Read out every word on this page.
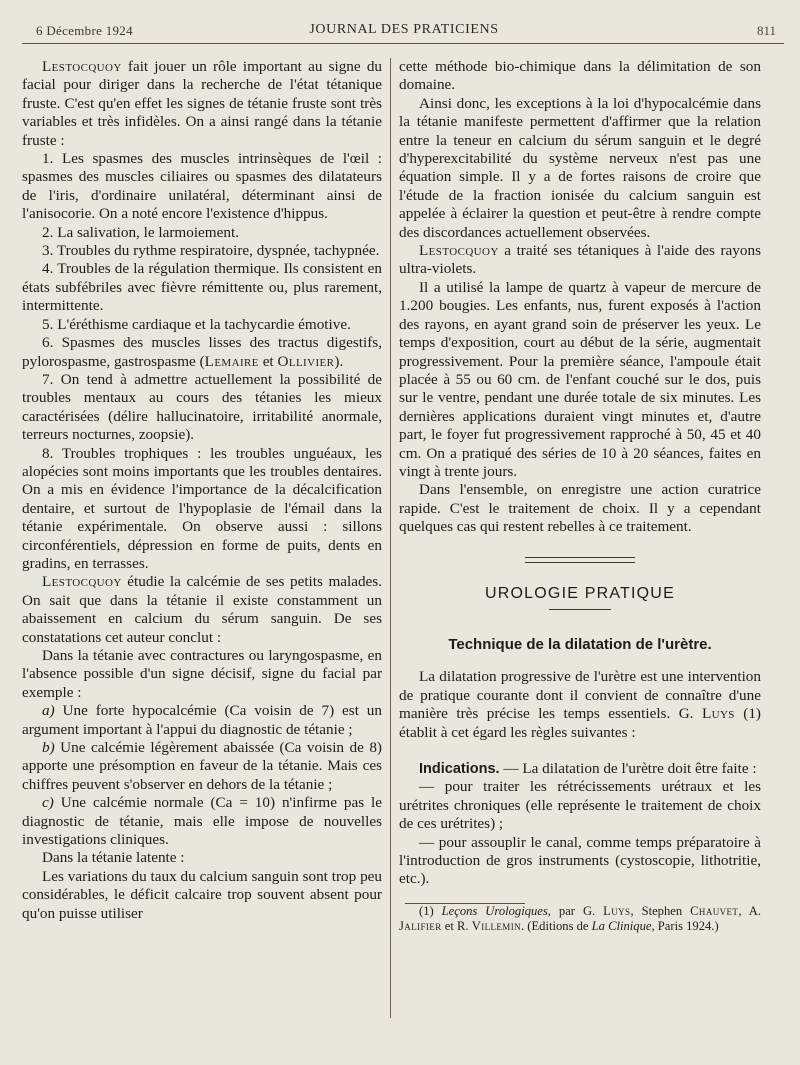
6 Décembre 1924	JOURNAL DES PRATICIENS	811

Lestocquoy fait jouer un rôle important au signe du facial pour diriger dans la recherche de l'état tétanique fruste. C'est qu'en effet les signes de tétanie fruste sont très variables et très infidèles. On a ainsi rangé dans la tétanie fruste :

1. Les spasmes des muscles intrinsèques de l'œil : spasmes des muscles ciliaires ou spasmes des dilatateurs de l'iris, d'ordinaire unilatéral, déterminant ainsi de l'anisocorie. On a noté encore l'existence d'hippus.

2. La salivation, le larmoiement.

3. Troubles du rythme respiratoire, dyspnée, tachypnée.

4. Troubles de la régulation thermique. Ils consistent en états subfébriles avec fièvre rémittente ou, plus rarement, intermittente.

5. L'éréthisme cardiaque et la tachycardie émotive.

6. Spasmes des muscles lisses des tractus digestifs, pylorospasme, gastrospasme (Lemaire et Ollivier).

7. On tend à admettre actuellement la possibilité de troubles mentaux au cours des tétanies les mieux caractérisées (délire hallucinatoire, irritabilité anormale, terreurs nocturnes, zoopsie).

8. Troubles trophiques : les troubles unguéaux, les alopécies sont moins importants que les troubles dentaires. On a mis en évidence l'importance de la décalcification dentaire, et surtout de l'hypoplasie de l'émail dans la tétanie expérimentale. On observe aussi : sillons circonférentiels, dépression en forme de puits, dents en gradins, en terrasses.

Lestocquoy étudie la calcémie de ses petits malades. On sait que dans la tétanie il existe constamment un abaissement en calcium du sérum sanguin. De ses constatations cet auteur conclut :

Dans la tétanie avec contractures ou laryngospasme, en l'absence possible d'un signe décisif, signe du facial par exemple :

a) Une forte hypocalcémie (Ca voisin de 7) est un argument important à l'appui du diagnostic de tétanie ;

b) Une calcémie légèrement abaissée (Ca voisin de 8) apporte une présomption en faveur de la tétanie. Mais ces chiffres peuvent s'observer en dehors de la tétanie ;

c) Une calcémie normale (Ca = 10) n'infirme pas le diagnostic de tétanie, mais elle impose de nouvelles investigations cliniques.

Dans la tétanie latente :

Les variations du taux du calcium sanguin sont trop peu considérables, le déficit calcaire trop souvent absent pour qu'on puisse utiliser

cette méthode bio-chimique dans la délimitation de son domaine.

Ainsi donc, les exceptions à la loi d'hypocalcémie dans la tétanie manifeste permettent d'affirmer que la relation entre la teneur en calcium du sérum sanguin et le degré d'hyperexcitabilité du système nerveux n'est pas une équation simple. Il y a de fortes raisons de croire que l'étude de la fraction ionisée du calcium sanguin est appelée à éclairer la question et peut-être à rendre compte des discordances actuellement observées.

Lestocquoy a traité ses tétaniques à l'aide des rayons ultra-violets.

Il a utilisé la lampe de quartz à vapeur de mercure de 1.200 bougies. Les enfants, nus, furent exposés à l'action des rayons, en ayant grand soin de préserver les yeux. Le temps d'exposition, court au début de la série, augmentait progressivement. Pour la première séance, l'ampoule était placée à 55 ou 60 cm. de l'enfant couché sur le dos, puis sur le ventre, pendant une durée totale de six minutes. Les dernières applications duraient vingt minutes et, d'autre part, le foyer fut progressivement rapproché à 50, 45 et 40 cm. On a pratiqué des séries de 10 à 20 séances, faites en vingt à trente jours.

Dans l'ensemble, on enregistre une action curatrice rapide. C'est le traitement de choix. Il y a cependant quelques cas qui restent rebelles à ce traitement.

UROLOGIE PRATIQUE
Technique de la dilatation de l'urètre.

La dilatation progressive de l'urètre est une intervention de pratique courante dont il convient de connaître d'une manière très précise les temps essentiels. G. Luys (1) établit à cet égard les règles suivantes :

Indications. — La dilatation de l'urètre doit être faite :

— pour traiter les rétrécissements urétraux et les urétrites chroniques (elle représente le traitement de choix de ces urétrites) ;

— pour assouplir le canal, comme temps préparatoire à l'introduction de gros instruments (cystoscopie, lithotritie, etc.).

(1) Leçons Urologiques, par G. Luys, Stephen Chauvet, A. Jalifier et R. Villemin. (Editions de La Clinique, Paris 1924.)
